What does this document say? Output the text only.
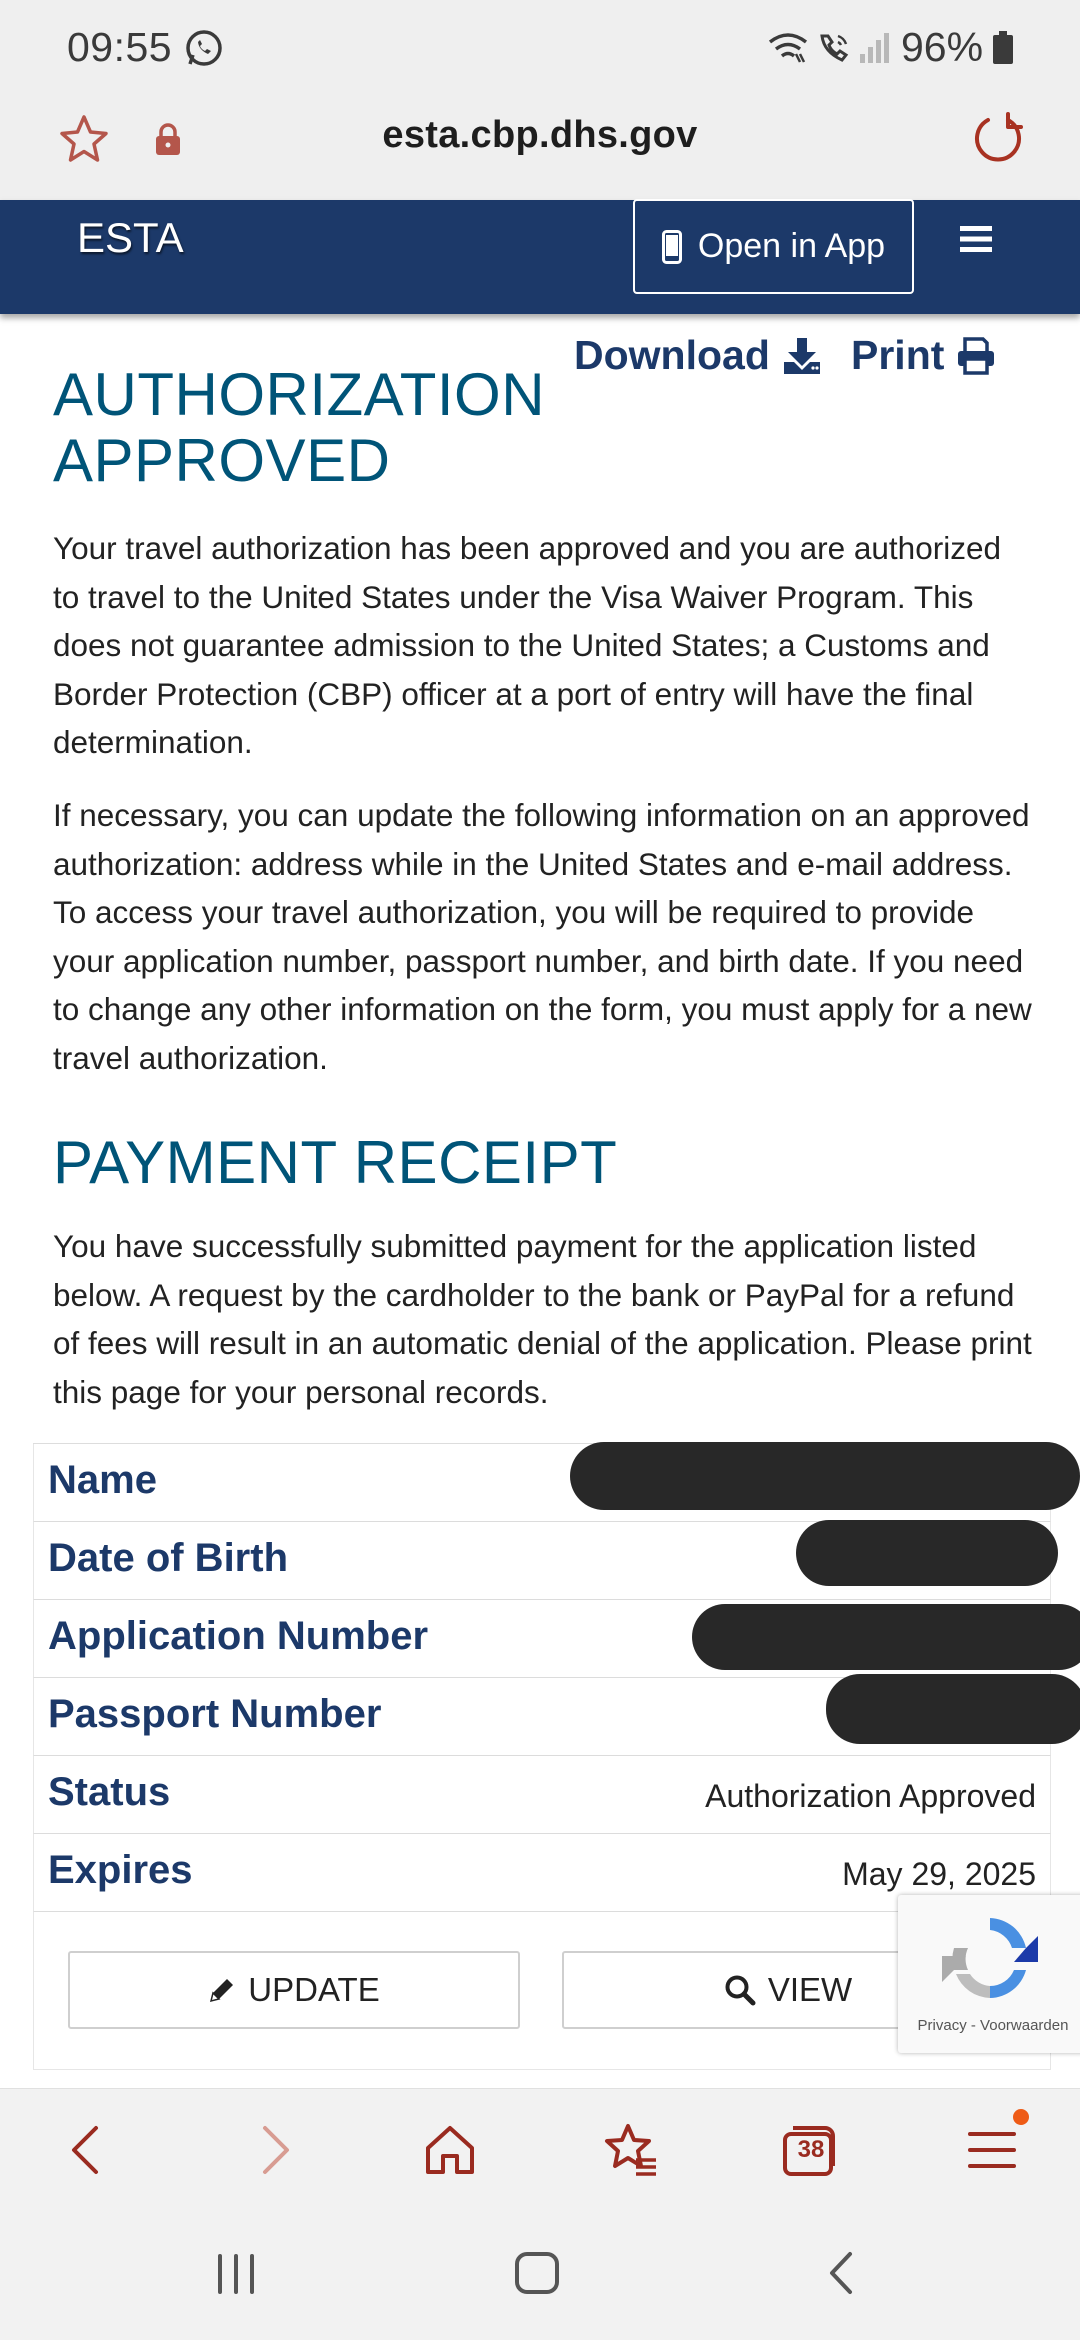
09:55	96%
esta.cbp.dhs.gov
ESTA	Open in App
Download Print
AUTHORIZATION APPROVED

Your travel authorization has been approved and you are authorized to travel to the United States under the Visa Waiver Program. This does not guarantee admission to the United States; a Customs and Border Protection (CBP) officer at a port of entry will have the final determination.

If necessary, you can update the following information on an approved authorization: address while in the United States and e-mail address. To access your travel authorization, you will be required to provide your application number, passport number, and birth date. If you need to change any other information on the form, you must apply for a new travel authorization.

PAYMENT RECEIPT

You have successfully submitted payment for the application listed below. A request by the cardholder to the bank or PayPal for a refund of fees will result in an automatic denial of the application. Please print this page for your personal records.

Name
Date of Birth
Application Number
Passport Number
Status	Authorization Approved
Expires	May 29, 2025
UPDATE	VIEW
Privacy - Voorwaarden
38
